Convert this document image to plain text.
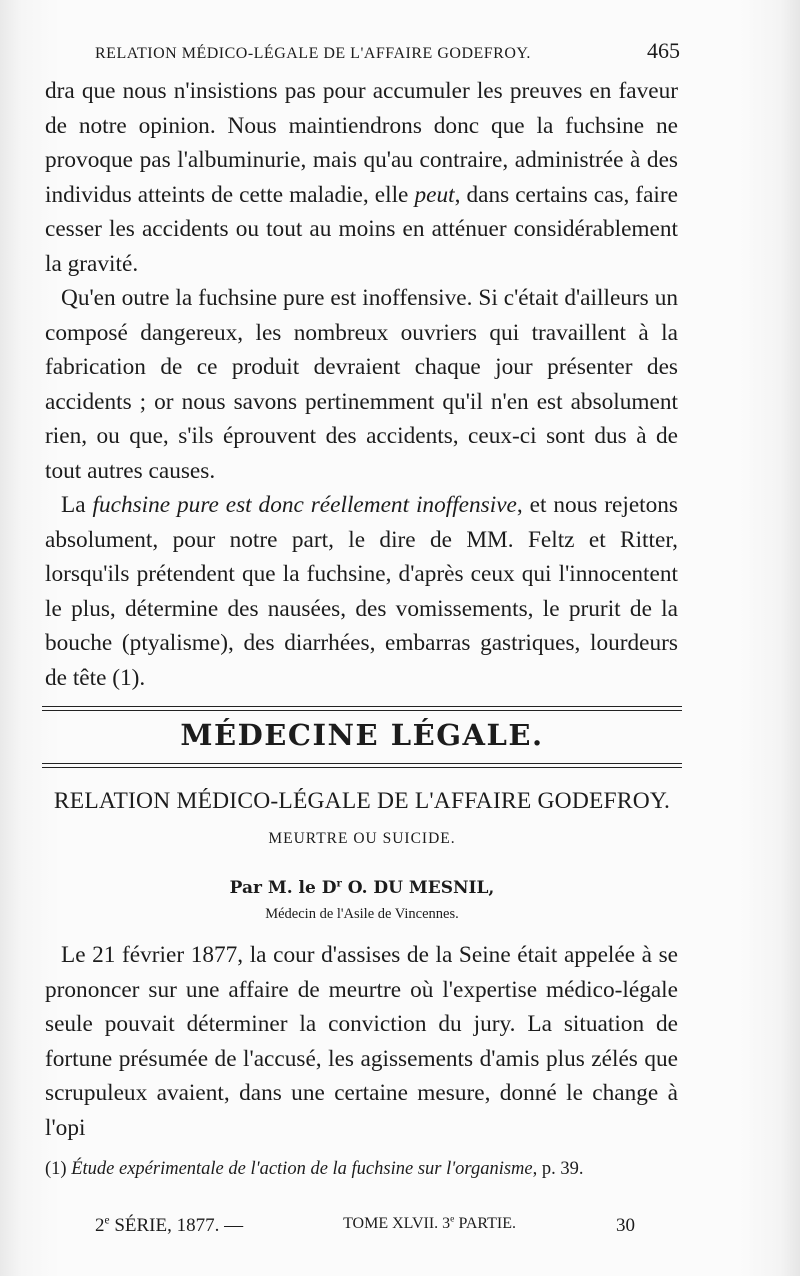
RELATION MÉDICO-LÉGALE DE L'AFFAIRE GODEFROY.	465

dra que nous n'insistions pas pour accumuler les preuves en faveur de notre opinion. Nous maintiendrons donc que la fuchsine ne provoque pas l'albuminurie, mais qu'au contraire, administrée à des individus atteints de cette maladie, elle peut, dans certains cas, faire cesser les accidents ou tout au moins en atténuer considérablement la gravité.

Qu'en outre la fuchsine pure est inoffensive. Si c'était d'ailleurs un composé dangereux, les nombreux ouvriers qui travaillent à la fabrication de ce produit devraient chaque jour présenter des accidents ; or nous savons pertinemment qu'il n'en est absolument rien, ou que, s'ils éprouvent des accidents, ceux-ci sont dus à de tout autres causes.

La fuchsine pure est donc réellement inoffensive, et nous rejetons absolument, pour notre part, le dire de MM. Feltz et Ritter, lorsqu'ils prétendent que la fuchsine, d'après ceux qui l'innocentent le plus, détermine des nausées, des vomissements, le prurit de la bouche (ptyalisme), des diarrhées, embarras gastriques, lourdeurs de tête (1).

MÉDECINE LÉGALE.
RELATION MÉDICO-LÉGALE DE L'AFFAIRE GODEFROY.
MEURTRE OU SUICIDE.
Par M. le $D^r$ O. DU MESNIL,
Médecin de l'Asile de Vincennes.

Le 21 février 1877, la cour d'assises de la Seine était appelée à se prononcer sur une affaire de meurtre où l'expertise médico-légale seule pouvait déterminer la conviction du jury. La situation de fortune présumée de l'accusé, les agissements d'amis plus zélés que scrupuleux avaient, dans une certaine mesure, donné le change à l'opi

(1) Étude expérimentale de l'action de la fuchsine sur l'organisme, p. 39.
2e SÉRIE, 1877. —	TOME XLVII. 3e PARTIE.	30
